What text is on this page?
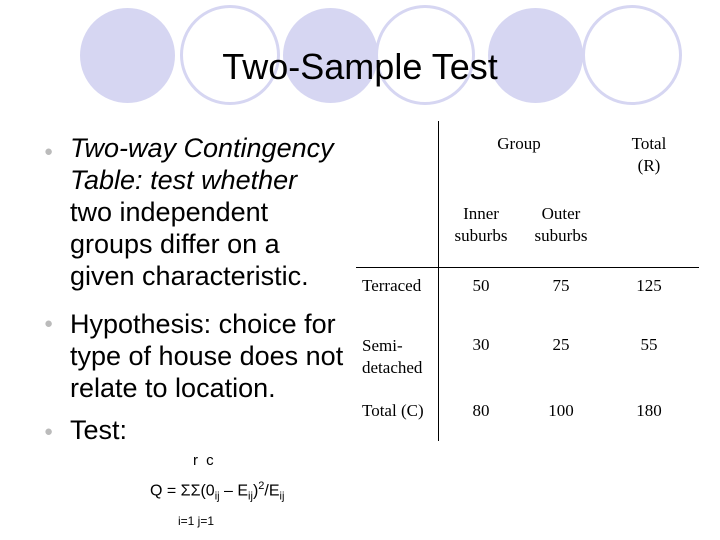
Two-Sample Test
● Two-way Contingency
Table: test whether
two independent
groups differ on a
given characteristic.
● Hypothesis: choice for
type of house does not
relate to location.
● Test:
r c
$Q = \Sigma\Sigma(0_{ij} - E_{ij})^2/E_{ij}$
i=1 j=1
	Group		Total (R)
	Inner suburbs	Outer suburbs	
Terraced	50	75	125
Semi-detached	30	25	55
Total (C)	80	100	180
